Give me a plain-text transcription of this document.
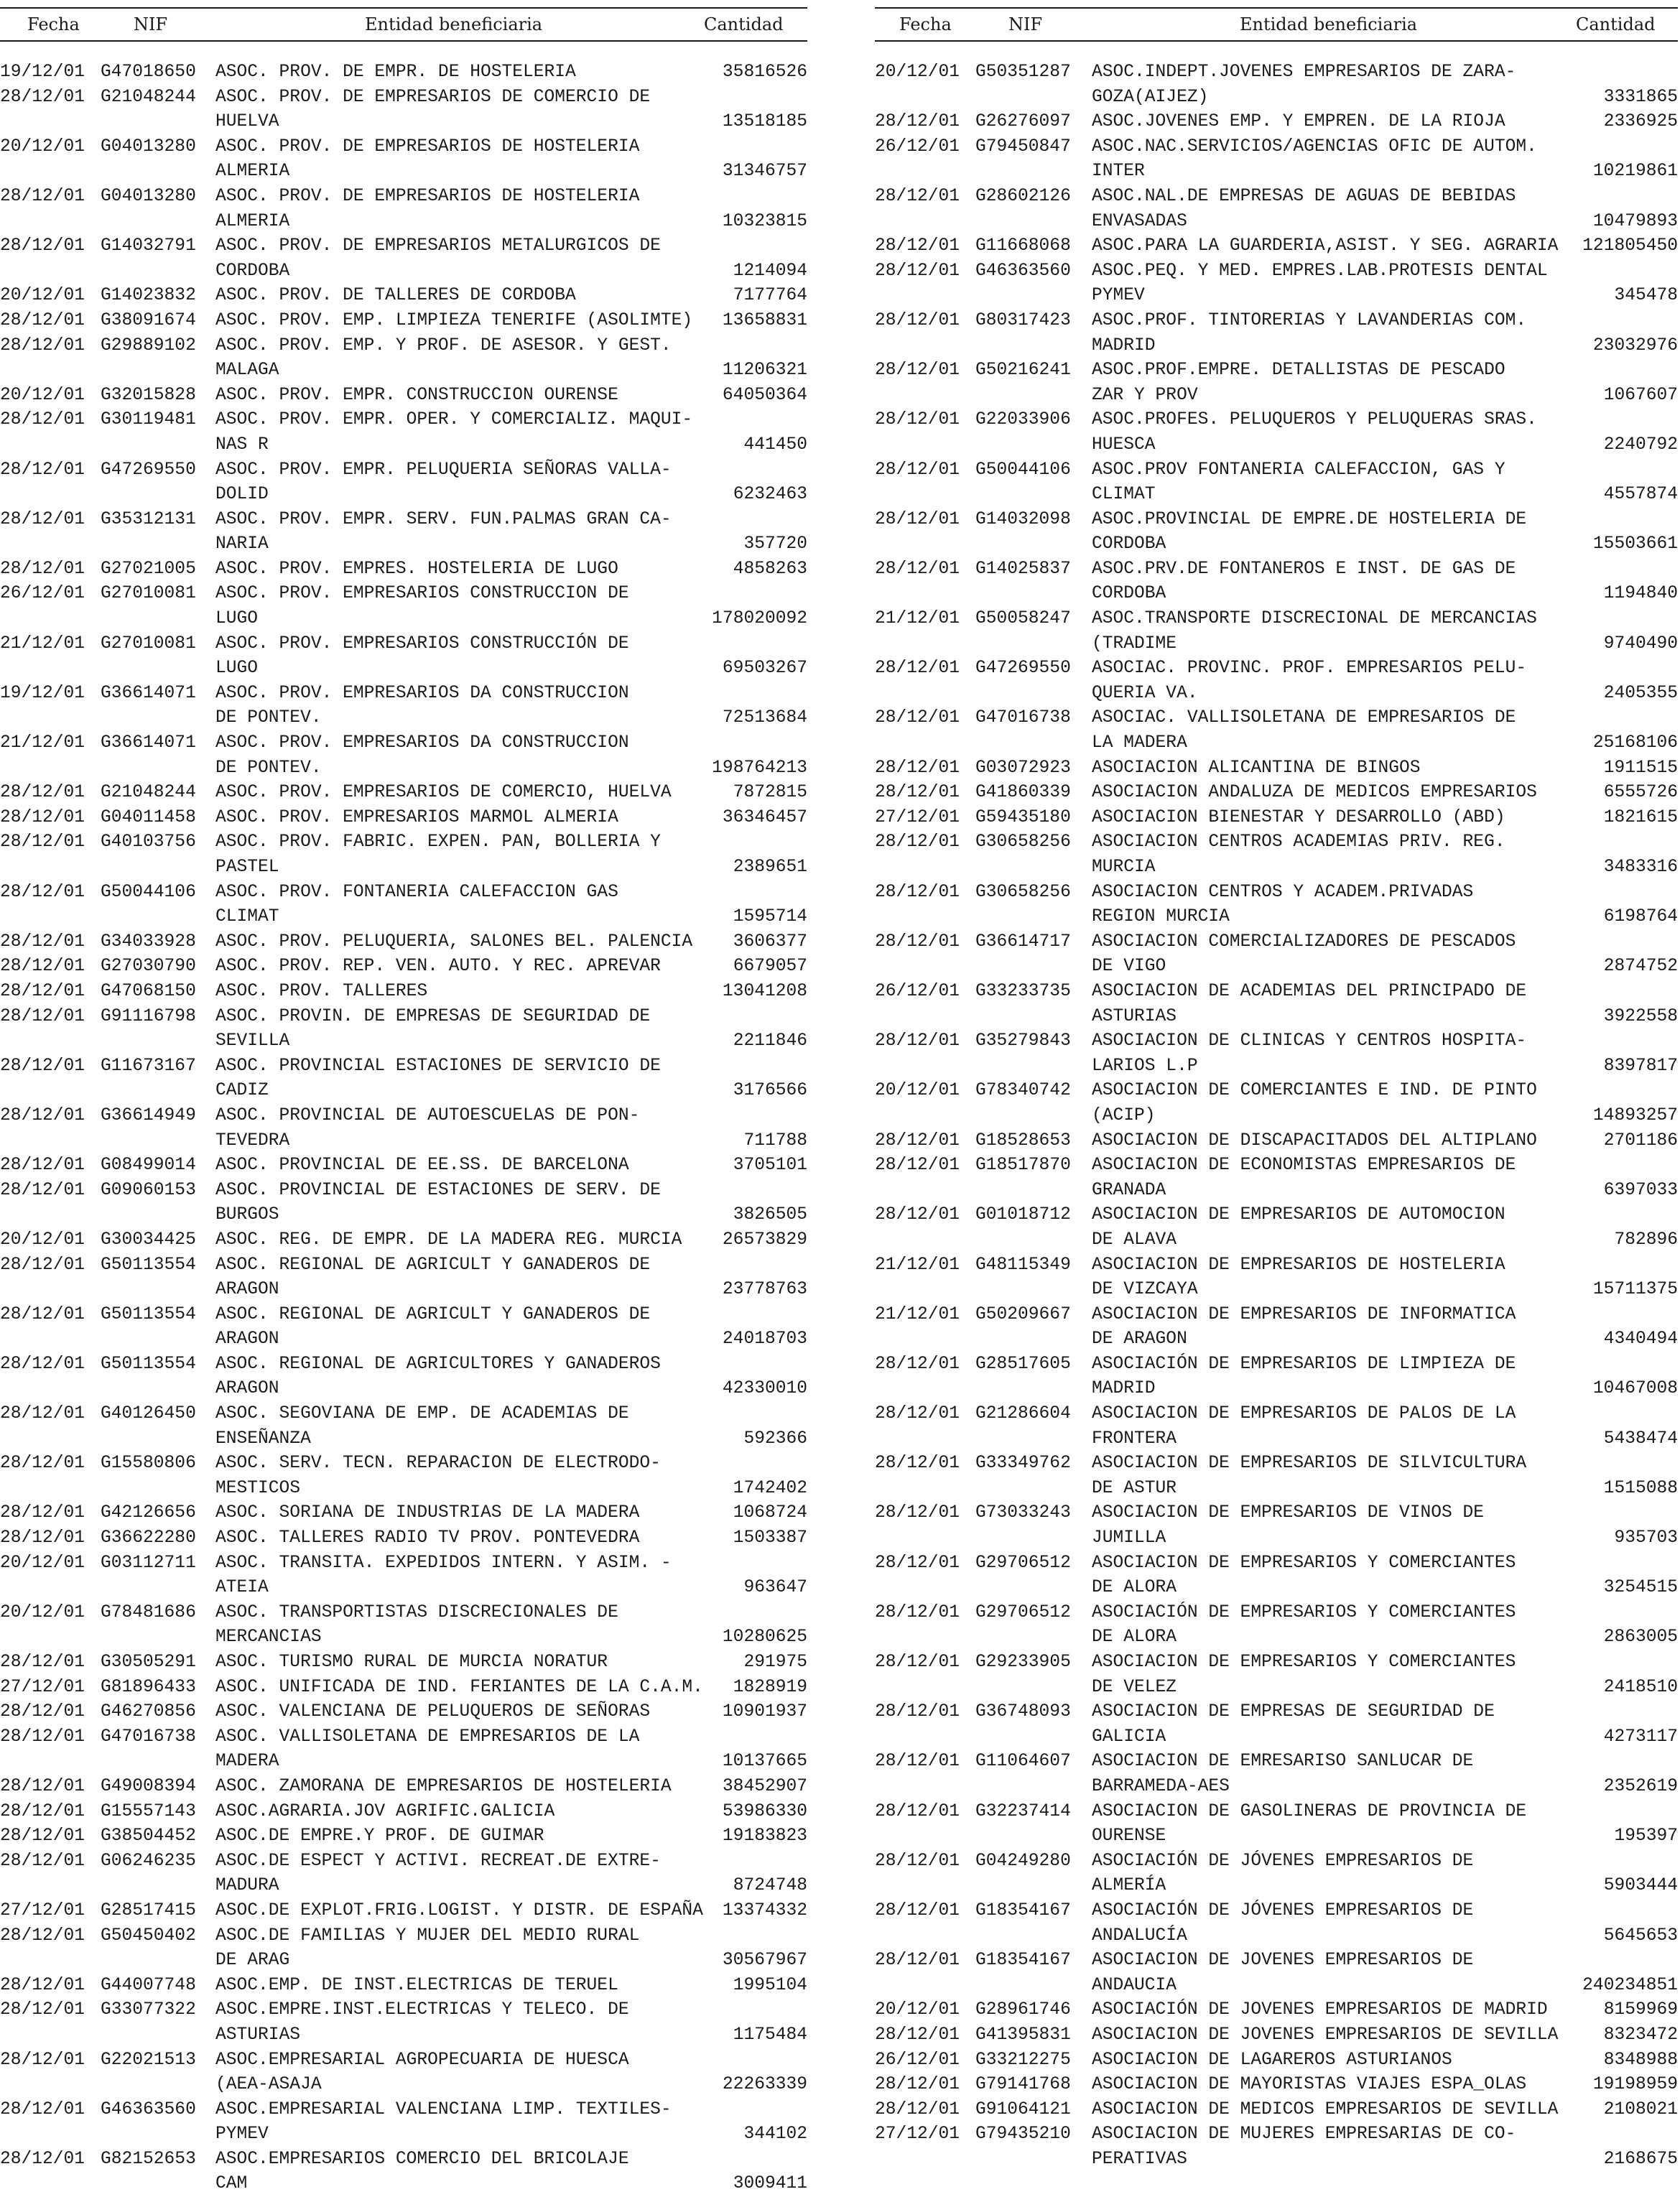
Fecha	NIF	Entidad beneficiaria	Cantidad
19/12/01 G47018650 ASOC. PROV. DE EMPR. DE HOSTELERIA	35816526
28/12/01 G21048244 ASOC. PROV. DE EMPRESARIOS DE COMERCIO DE
HUELVA	13518185
20/12/01 G04013280 ASOC. PROV. DE EMPRESARIOS DE HOSTELERIA
ALMERIA	31346757
28/12/01 G04013280 ASOC. PROV. DE EMPRESARIOS DE HOSTELERIA
ALMERIA	10323815
28/12/01 G14032791 ASOC. PROV. DE EMPRESARIOS METALURGICOS DE
CORDOBA	1214094
20/12/01 G14023832 ASOC. PROV. DE TALLERES DE CORDOBA	7177764
28/12/01 G38091674 ASOC. PROV. EMP. LIMPIEZA TENERIFE (ASOLIMTE) 13658831
28/12/01 G29889102 ASOC. PROV. EMP. Y PROF. DE ASESOR. Y GEST.
MALAGA	11206321
20/12/01 G32015828 ASOC. PROV. EMPR. CONSTRUCCION OURENSE	64050364
28/12/01 G30119481 ASOC. PROV. EMPR. OPER. Y COMERCIALIZ. MAQUI-
NAS R	441450
28/12/01 G47269550 ASOC. PROV. EMPR. PELUQUERIA SEÑORAS VALLA-
DOLID	6232463
28/12/01 G35312131 ASOC. PROV. EMPR. SERV. FUN.PALMAS GRAN CA-
NARIA	357720
28/12/01 G27021005 ASOC. PROV. EMPRES. HOSTELERIA DE LUGO	4858263
26/12/01 G27010081 ASOC. PROV. EMPRESARIOS CONSTRUCCION DE
LUGO	178020092
21/12/01 G27010081 ASOC. PROV. EMPRESARIOS CONSTRUCCIÓN DE
LUGO	69503267
19/12/01 G36614071 ASOC. PROV. EMPRESARIOS DA CONSTRUCCION
DE PONTEV.	72513684
21/12/01 G36614071 ASOC. PROV. EMPRESARIOS DA CONSTRUCCION
DE PONTEV.	198764213
28/12/01 G21048244 ASOC. PROV. EMPRESARIOS DE COMERCIO, HUELVA	7872815
28/12/01 G04011458 ASOC. PROV. EMPRESARIOS MARMOL ALMERIA	36346457
28/12/01 G40103756 ASOC. PROV. FABRIC. EXPEN. PAN, BOLLERIA Y
PASTEL	2389651
28/12/01 G50044106 ASOC. PROV. FONTANERIA CALEFACCION GAS
CLIMAT	1595714
28/12/01 G34033928 ASOC. PROV. PELUQUERIA, SALONES BEL. PALENCIA 3606377
28/12/01 G27030790 ASOC. PROV. REP. VEN. AUTO. Y REC. APREVAR	6679057
28/12/01 G47068150 ASOC. PROV. TALLERES	13041208
28/12/01 G91116798 ASOC. PROVIN. DE EMPRESAS DE SEGURIDAD DE
SEVILLA	2211846
28/12/01 G11673167 ASOC. PROVINCIAL ESTACIONES DE SERVICIO DE
CADIZ	3176566
28/12/01 G36614949 ASOC. PROVINCIAL DE AUTOESCUELAS DE PON-
TEVEDRA	711788
28/12/01 G08499014 ASOC. PROVINCIAL DE EE.SS. DE BARCELONA	3705101
28/12/01 G09060153 ASOC. PROVINCIAL DE ESTACIONES DE SERV. DE
BURGOS	3826505
20/12/01 G30034425 ASOC. REG. DE EMPR. DE LA MADERA REG. MURCIA 26573829
28/12/01 G50113554 ASOC. REGIONAL DE AGRICULT Y GANADEROS DE
ARAGON	23778763
28/12/01 G50113554 ASOC. REGIONAL DE AGRICULT Y GANADEROS DE
ARAGON	24018703
28/12/01 G50113554 ASOC. REGIONAL DE AGRICULTORES Y GANADEROS
ARAGON	42330010
28/12/01 G40126450 ASOC. SEGOVIANA DE EMP. DE ACADEMIAS DE
ENSEÑANZA	592366
28/12/01 G15580806 ASOC. SERV. TECN. REPARACION DE ELECTRODO-
MESTICOS	1742402
28/12/01 G42126656 ASOC. SORIANA DE INDUSTRIAS DE LA MADERA	1068724
28/12/01 G36622280 ASOC. TALLERES RADIO TV PROV. PONTEVEDRA	1503387
20/12/01 G03112711 ASOC. TRANSITA. EXPEDIDOS INTERN. Y ASIM. -
ATEIA	963647
20/12/01 G78481686 ASOC. TRANSPORTISTAS DISCRECIONALES DE
MERCANCIAS	10280625
28/12/01 G30505291 ASOC. TURISMO RURAL DE MURCIA NORATUR	291975
27/12/01 G81896433 ASOC. UNIFICADA DE IND. FERIANTES DE LA C.A.M. 1828919
28/12/01 G46270856 ASOC. VALENCIANA DE PELUQUEROS DE SEÑORAS	10901937
28/12/01 G47016738 ASOC. VALLISOLETANA DE EMPRESARIOS DE LA
MADERA	10137665
28/12/01 G49008394 ASOC. ZAMORANA DE EMPRESARIOS DE HOSTELERIA	38452907
28/12/01 G15557143 ASOC.AGRARIA.JOV AGRIFIC.GALICIA	53986330
28/12/01 G38504452 ASOC.DE EMPRE.Y PROF. DE GUIMAR	19183823
28/12/01 G06246235 ASOC.DE ESPECT Y ACTIVI. RECREAT.DE EXTRE-
MADURA	8724748
27/12/01 G28517415 ASOC.DE EXPLOT.FRIG.LOGIST. Y DISTR. DE ESPAÑA 13374332
28/12/01 G50450402 ASOC.DE FAMILIAS Y MUJER DEL MEDIO RURAL
DE ARAG	30567967
28/12/01 G44007748 ASOC.EMP. DE INST.ELECTRICAS DE TERUEL	1995104
28/12/01 G33077322 ASOC.EMPRE.INST.ELECTRICAS Y TELECO. DE
ASTURIAS	1175484
28/12/01 G22021513 ASOC.EMPRESARIAL AGROPECUARIA DE HUESCA
(AEA-ASAJA	22263339
28/12/01 G46363560 ASOC.EMPRESARIAL VALENCIANA LIMP. TEXTILES-
PYMEV	344102
28/12/01 G82152653 ASOC.EMPRESARIOS COMERCIO DEL BRICOLAJE
CAM	3009411
Fecha	NIF	Entidad beneficiaria	Cantidad
20/12/01 G50351287 ASOC.INDEPT.JOVENES EMPRESARIOS DE ZARA-
GOZA(AIJEZ)	3331865
28/12/01 G26276097 ASOC.JOVENES EMP. Y EMPREN. DE LA RIOJA	2336925
26/12/01 G79450847 ASOC.NAC.SERVICIOS/AGENCIAS OFIC DE AUTOM.
INTER	10219861
28/12/01 G28602126 ASOC.NAL.DE EMPRESAS DE AGUAS DE BEBIDAS
ENVASADAS	10479893
28/12/01 G11668068 ASOC.PARA LA GUARDERIA,ASIST. Y SEG. AGRARIA	121805450
28/12/01 G46363560 ASOC.PEQ. Y MED. EMPRES.LAB.PROTESIS DENTAL
PYMEV	345478
28/12/01 G80317423 ASOC.PROF. TINTORERIAS Y LAVANDERIAS COM.
MADRID	23032976
28/12/01 G50216241 ASOC.PROF.EMPRE. DETALLISTAS DE PESCADO
ZAR Y PROV	1067607
28/12/01 G22033906 ASOC.PROFES. PELUQUEROS Y PELUQUERAS SRAS.
HUESCA	2240792
28/12/01 G50044106 ASOC.PROV FONTANERIA CALEFACCION, GAS Y
CLIMAT	4557874
28/12/01 G14032098 ASOC.PROVINCIAL DE EMPRE.DE HOSTELERIA DE
CORDOBA	15503661
28/12/01 G14025837 ASOC.PRV.DE FONTANEROS E INST. DE GAS DE
CORDOBA	1194840
21/12/01 G50058247 ASOC.TRANSPORTE DISCRECIONAL DE MERCANCIAS
(TRADIME	9740490
28/12/01 G47269550 ASOCIAC. PROVINC. PROF. EMPRESARIOS PELU-
QUERIA VA.	2405355
28/12/01 G47016738 ASOCIAC. VALLISOLETANA DE EMPRESARIOS DE
LA MADERA	25168106
28/12/01 G03072923 ASOCIACION ALICANTINA DE BINGOS	1911515
28/12/01 G41860339 ASOCIACION ANDALUZA DE MEDICOS EMPRESARIOS	6555726
27/12/01 G59435180 ASOCIACION BIENESTAR Y DESARROLLO (ABD)	1821615
28/12/01 G30658256 ASOCIACION CENTROS ACADEMIAS PRIV. REG.
MURCIA	3483316
28/12/01 G30658256 ASOCIACION CENTROS Y ACADEM.PRIVADAS
REGION MURCIA	6198764
28/12/01 G36614717 ASOCIACION COMERCIALIZADORES DE PESCADOS
DE VIGO	2874752
26/12/01 G33233735 ASOCIACION DE ACADEMIAS DEL PRINCIPADO DE
ASTURIAS	3922558
28/12/01 G35279843 ASOCIACION DE CLINICAS Y CENTROS HOSPITA-
LARIOS L.P	8397817
20/12/01 G78340742 ASOCIACION DE COMERCIANTES E IND. DE PINTO
(ACIP)	14893257
28/12/01 G18528653 ASOCIACION DE DISCAPACITADOS DEL ALTIPLANO	2701186
28/12/01 G18517870 ASOCIACION DE ECONOMISTAS EMPRESARIOS DE
GRANADA	6397033
28/12/01 G01018712 ASOCIACION DE EMPRESARIOS DE AUTOMOCION
DE ALAVA	782896
21/12/01 G48115349 ASOCIACION DE EMPRESARIOS DE HOSTELERIA
DE VIZCAYA	15711375
21/12/01 G50209667 ASOCIACION DE EMPRESARIOS DE INFORMATICA
DE ARAGON	4340494
28/12/01 G28517605 ASOCIACIÓN DE EMPRESARIOS DE LIMPIEZA DE
MADRID	10467008
28/12/01 G21286604 ASOCIACION DE EMPRESARIOS DE PALOS DE LA
FRONTERA	5438474
28/12/01 G33349762 ASOCIACION DE EMPRESARIOS DE SILVICULTURA
DE ASTUR	1515088
28/12/01 G73033243 ASOCIACION DE EMPRESARIOS DE VINOS DE
JUMILLA	935703
28/12/01 G29706512 ASOCIACION DE EMPRESARIOS Y COMERCIANTES
DE ALORA	3254515
28/12/01 G29706512 ASOCIACIÓN DE EMPRESARIOS Y COMERCIANTES
DE ALORA	2863005
28/12/01 G29233905 ASOCIACION DE EMPRESARIOS Y COMERCIANTES
DE VELEZ	2418510
28/12/01 G36748093 ASOCIACION DE EMPRESAS DE SEGURIDAD DE
GALICIA	4273117
28/12/01 G11064607 ASOCIACION DE EMRESARISO SANLUCAR DE
BARRAMEDA-AES	2352619
28/12/01 G32237414 ASOCIACION DE GASOLINERAS DE PROVINCIA DE
OURENSE	195397
28/12/01 G04249280 ASOCIACIÓN DE JÓVENES EMPRESARIOS DE
ALMERÍA	5903444
28/12/01 G18354167 ASOCIACIÓN DE JÓVENES EMPRESARIOS DE
ANDALUCÍA	5645653
28/12/01 G18354167 ASOCIACION DE JOVENES EMPRESARIOS DE
ANDAUCIA	240234851
20/12/01 G28961746 ASOCIACIÓN DE JOVENES EMPRESARIOS DE MADRID	8159969
28/12/01 G41395831 ASOCIACION DE JOVENES EMPRESARIOS DE SEVILLA	8323472
26/12/01 G33212275 ASOCIACION DE LAGAREROS ASTURIANOS	8348988
28/12/01 G79141768 ASOCIACION DE MAYORISTAS VIAJES ESPA_OLAS	19198959
28/12/01 G91064121 ASOCIACION DE MEDICOS EMPRESARIOS DE SEVILLA	2108021
27/12/01 G79435210 ASOCIACION DE MUJERES EMPRESARIAS DE CO-
PERATIVAS	2168675
